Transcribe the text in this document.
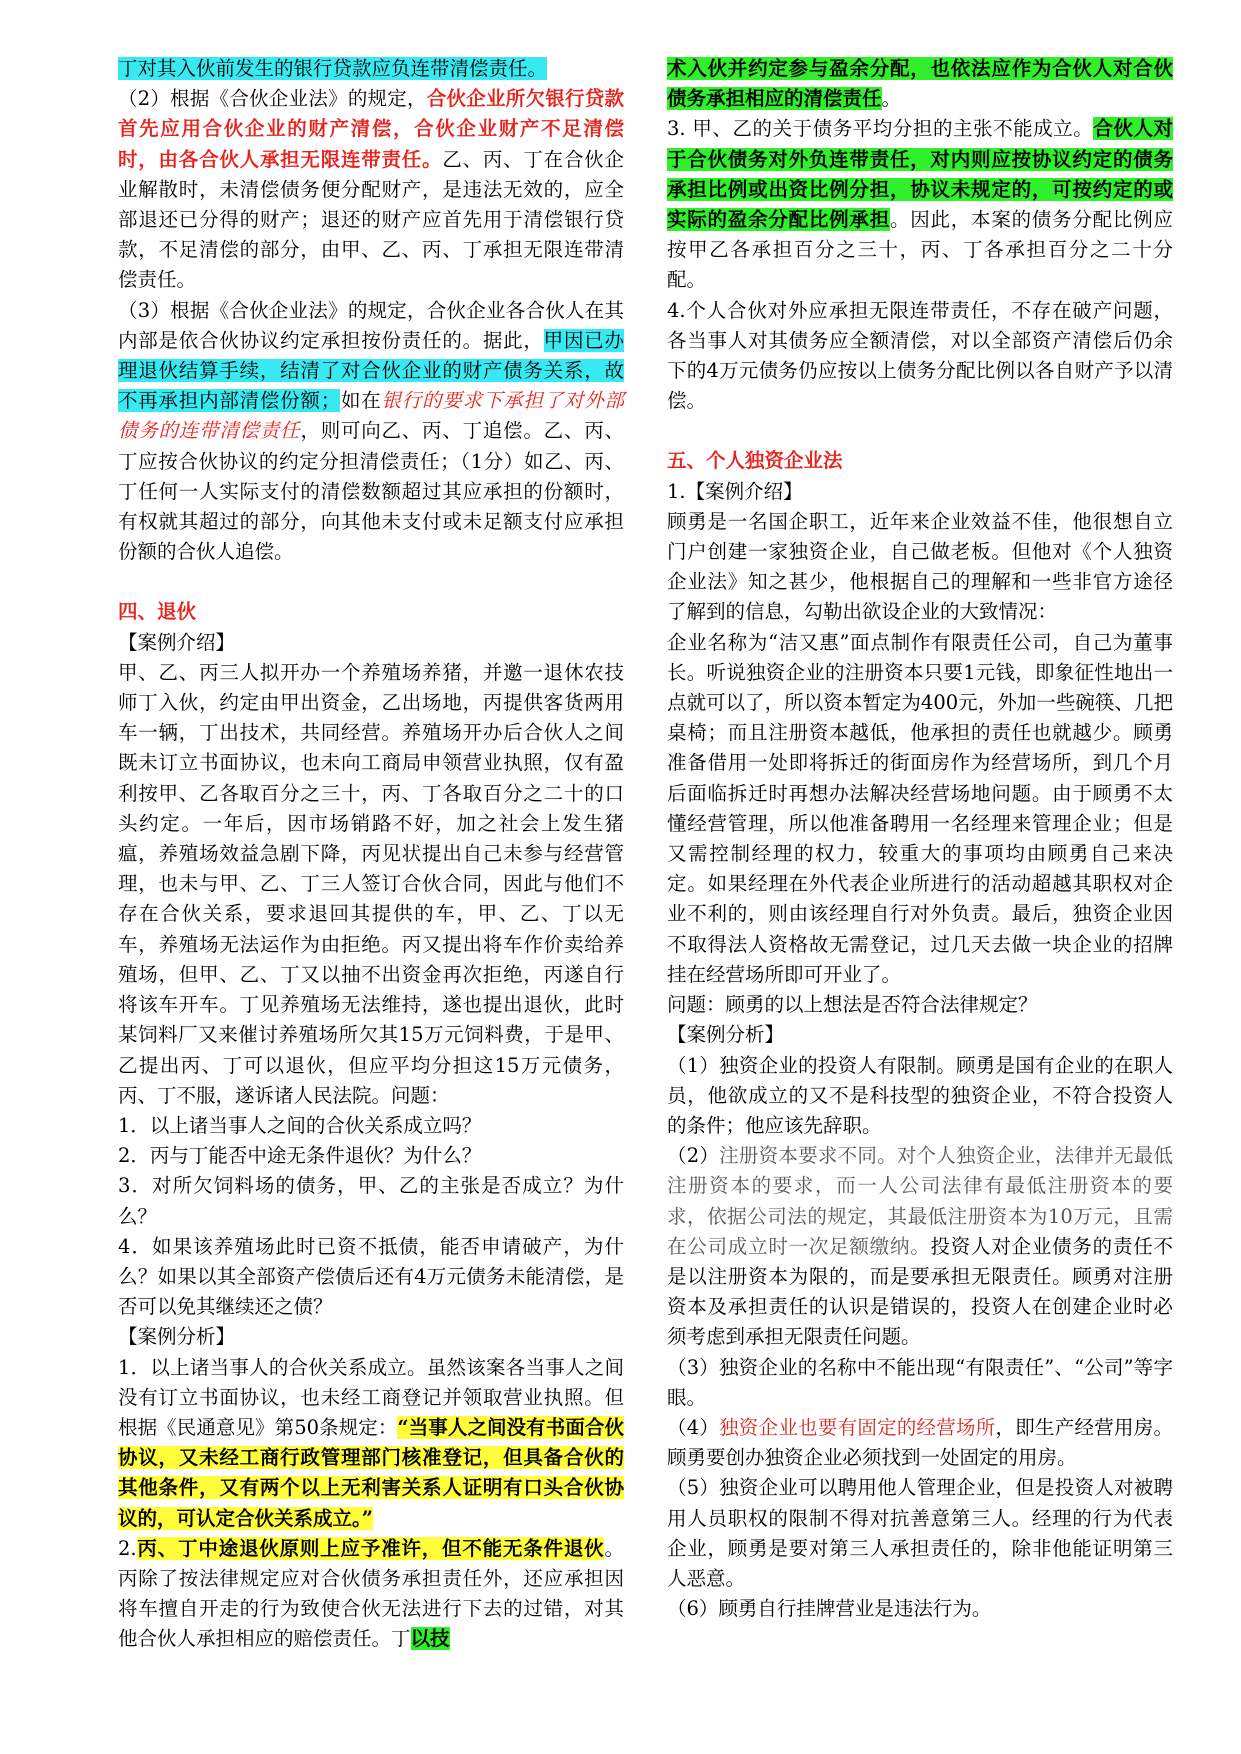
丁对其入伙前发生的银行贷款应负连带清偿责任。

（2）根据《合伙企业法》的规定，合伙企业所欠银行贷款首先应用合伙企业的财产清偿，合伙企业财产不足清偿时，由各合伙人承担无限连带责任。乙、丙、丁在合伙企业解散时，未清偿债务便分配财产，是违法无效的，应全部退还已分得的财产；退还的财产应首先用于清偿银行贷款，不足清偿的部分，由甲、乙、丙、丁承担无限连带清偿责任。

（3）根据《合伙企业法》的规定，合伙企业各合伙人在其内部是依合伙协议约定承担按份责任的。据此，甲因已办理退伙结算手续，结清了对合伙企业的财产债务关系，故不再承担内部清偿份额；如在银行的要求下承担了对外部债务的连带清偿责任，则可向乙、丙、丁追偿。乙、丙、丁应按合伙协议的约定分担清偿责任；（1分）如乙、丙、丁任何一人实际支付的清偿数额超过其应承担的份额时，有权就其超过的部分，向其他未支付或未足额支付应承担份额的合伙人追偿。

四、退伙

【案例介绍】

甲、乙、丙三人拟开办一个养殖场养猪，并邀一退休农技师丁入伙，约定由甲出资金，乙出场地，丙提供客货两用车一辆，丁出技术，共同经营。养殖场开办后合伙人之间既未订立书面协议，也未向工商局申领营业执照，仅有盈利按甲、乙各取百分之三十，丙、丁各取百分之二十的口头约定。一年后，因市场销路不好，加之社会上发生猪瘟，养殖场效益急剧下降，丙见状提出自己未参与经营管理，也未与甲、乙、丁三人签订合伙合同，因此与他们不存在合伙关系，要求退回其提供的车，甲、乙、丁以无车，养殖场无法运作为由拒绝。丙又提出将车作价卖给养殖场，但甲、乙、丁又以抽不出资金再次拒绝，丙遂自行将该车开车。丁见养殖场无法维持，遂也提出退伙，此时某饲料厂又来催讨养殖场所欠其15万元饲料费，于是甲、乙提出丙、丁可以退伙，但应平均分担这15万元债务，丙、丁不服，遂诉诸人民法院。问题：

1．以上诸当事人之间的合伙关系成立吗？

2．丙与丁能否中途无条件退伙？为什么？

3．对所欠饲料场的债务，甲、乙的主张是否成立？为什么？

4．如果该养殖场此时已资不抵债，能否申请破产，为什么？如果以其全部资产偿债后还有4万元债务未能清偿，是否可以免其继续还之债？

【案例分析】

1．以上诸当事人的合伙关系成立。虽然该案各当事人之间没有订立书面协议，也未经工商登记并领取营业执照。但根据《民通意见》第50条规定：“当事人之间没有书面合伙协议，又未经工商行政管理部门核准登记，但具备合伙的其他条件，又有两个以上无利害关系人证明有口头合伙协议的，可认定合伙关系成立。”

2.丙、丁中途退伙原则上应予准许，但不能无条件退伙。丙除了按法律规定应对合伙债务承担责任外，还应承担因将车擅自开走的行为致使合伙无法进行下去的过错，对其他合伙人承担相应的赔偿责任。丁以技

术入伙并约定参与盈余分配，也依法应作为合伙人对合伙债务承担相应的清偿责任。

3. 甲、乙的关于债务平均分担的主张不能成立。合伙人对于合伙债务对外负连带责任，对内则应按协议约定的债务承担比例或出资比例分担，协议未规定的，可按约定的或实际的盈余分配比例承担。因此，本案的债务分配比例应按甲乙各承担百分之三十，丙、丁各承担百分之二十分配。

4.个人合伙对外应承担无限连带责任，不存在破产问题，各当事人对其债务应全额清偿，对以全部资产清偿后仍余下的4万元债务仍应按以上债务分配比例以各自财产予以清偿。

五、个人独资企业法

1.【案例介绍】

顾勇是一名国企职工，近年来企业效益不佳，他很想自立门户创建一家独资企业，自己做老板。但他对《个人独资企业法》知之甚少，他根据自己的理解和一些非官方途径了解到的信息，勾勒出欲设企业的大致情况：

企业名称为“洁又惠”面点制作有限责任公司，自己为董事长。听说独资企业的注册资本只要1元钱，即象征性地出一点就可以了，所以资本暂定为400元，外加一些碗筷、几把桌椅；而且注册资本越低，他承担的责任也就越少。顾勇准备借用一处即将拆迁的街面房作为经营场所，到几个月后面临拆迁时再想办法解决经营场地问题。由于顾勇不太懂经营管理，所以他准备聘用一名经理来管理企业；但是又需控制经理的权力，较重大的事项均由顾勇自己来决定。如果经理在外代表企业所进行的活动超越其职权对企业不利的，则由该经理自行对外负责。最后，独资企业因不取得法人资格故无需登记，过几天去做一块企业的招牌挂在经营场所即可开业了。

问题：顾勇的以上想法是否符合法律规定？

【案例分析】

（1）独资企业的投资人有限制。顾勇是国有企业的在职人员，他欲成立的又不是科技型的独资企业，不符合投资人的条件；他应该先辞职。

（2）注册资本要求不同。对个人独资企业，法律并无最低注册资本的要求，而一人公司法律有最低注册资本的要求，依据公司法的规定，其最低注册资本为10万元，且需在公司成立时一次足额缴纳。投资人对企业债务的责任不是以注册资本为限的，而是要承担无限责任。顾勇对注册资本及承担责任的认识是错误的，投资人在创建企业时必须考虑到承担无限责任问题。

（3）独资企业的名称中不能出现“有限责任”、“公司”等字眼。

（4）独资企业也要有固定的经营场所，即生产经营用房。顾勇要创办独资企业必须找到一处固定的用房。

（5）独资企业可以聘用他人管理企业，但是投资人对被聘用人员职权的限制不得对抗善意第三人。经理的行为代表企业，顾勇是要对第三人承担责任的，除非他能证明第三人恶意。

（6）顾勇自行挂牌营业是违法行为。
